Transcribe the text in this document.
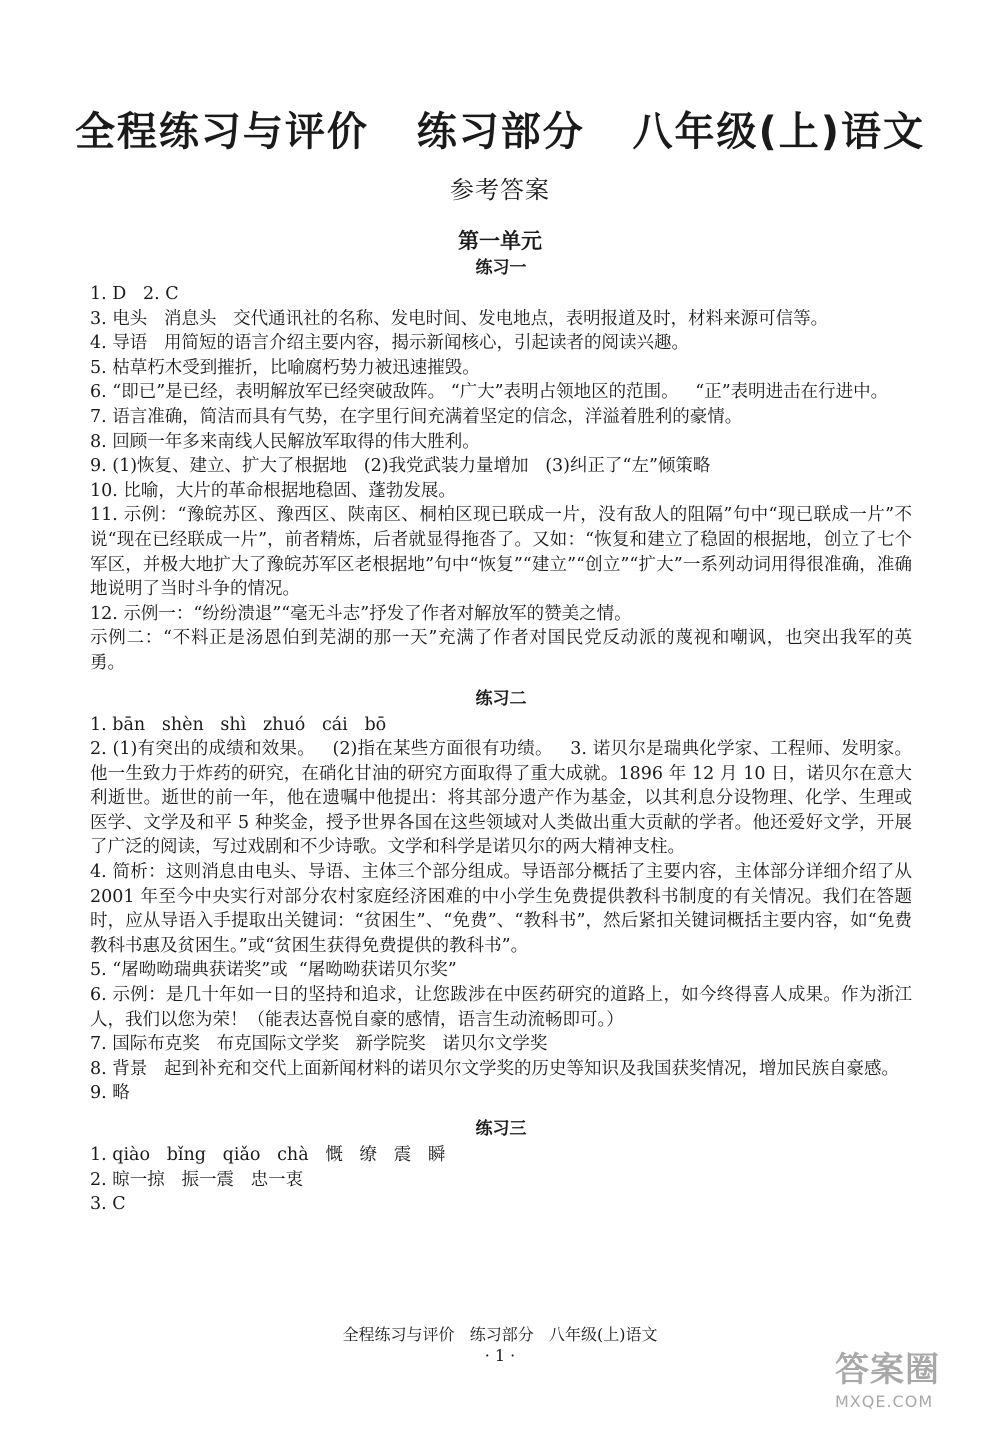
全程练习与评价   练习部分   八年级(上)语文
参考答案
第一单元
练习一
1. D   2. C
3. 电头   消息头   交代通讯社的名称、发电时间、发电地点，表明报道及时，材料来源可信等。
4. 导语   用简短的语言介绍主要内容，揭示新闻核心，引起读者的阅读兴趣。
5. 枯草朽木受到摧折，比喻腐朽势力被迅速摧毁。
6. “即已”是已经，表明解放军已经突破敌阵。 “广大”表明占领地区的范围。   “正”表明进击在行进中。
7. 语言准确，简洁而具有气势，在字里行间充满着坚定的信念，洋溢着胜利的豪情。
8. 回顾一年多来南线人民解放军取得的伟大胜利。
9. (1)恢复、建立、扩大了根据地   (2)我党武装力量增加   (3)纠正了“左”倾策略
10. 比喻，大片的革命根据地稳固、蓬勃发展。
11. 示例：“豫皖苏区、豫西区、陕南区、桐柏区现已联成一片，没有敌人的阻隔”句中“现已联成一片”不说“现在已经联成一片”，前者精炼，后者就显得拖沓了。又如：“恢复和建立了稳固的根据地，创立了七个军区，并极大地扩大了豫皖苏军区老根据地”句中“恢复”“建立”“创立”“扩大”一系列动词用得很准确，准确地说明了当时斗争的情况。
12. 示例一：“纷纷溃退”“毫无斗志”抒发了作者对解放军的赞美之情。
示例二：“不料正是汤恩伯到芜湖的那一天”充满了作者对国民党反动派的蔑视和嘲讽，也突出我军的英勇。
练习二
1. bān   shèn   shì   zhuó   cái   bō
2. (1)有突出的成绩和效果。   (2)指在某些方面很有功绩。   3. 诺贝尔是瑞典化学家、工程师、发明家。他一生致力于炸药的研究，在硝化甘油的研究方面取得了重大成就。1896 年 12 月 10 日，诺贝尔在意大利逝世。逝世的前一年，他在遗嘱中他提出：将其部分遗产作为基金，以其利息分设物理、化学、生理或医学、文学及和平 5 种奖金，授予世界各国在这些领域对人类做出重大贡献的学者。他还爱好文学，开展了广泛的阅读，写过戏剧和不少诗歌。文学和科学是诺贝尔的两大精神支柱。
4. 简析：这则消息由电头、导语、主体三个部分组成。导语部分概括了主要内容，主体部分详细介绍了从 2001 年至今中央实行对部分农村家庭经济困难的中小学生免费提供教科书制度的有关情况。我们在答题时，应从导语入手提取出关键词：“贫困生”、“免费”、“教科书”，然后紧扣关键词概括主要内容，如“免费教科书惠及贫困生。”或“贫困生获得免费提供的教科书”。
5. “屠呦呦瑞典获诺奖”或  “屠呦呦获诺贝尔奖”
6. 示例：是几十年如一日的坚持和追求，让您跋涉在中医药研究的道路上，如今终得喜人成果。作为浙江人，我们以您为荣！（能表达喜悦自豪的感情，语言生动流畅即可。）
7. 国际布克奖   布克国际文学奖   新学院奖   诺贝尔文学奖
8. 背景   起到补充和交代上面新闻材料的诺贝尔文学奖的历史等知识及我国获奖情况，增加民族自豪感。
9. 略
练习三
1. qiào   bǐng   qiǎo   chà   慨   缭   震   瞬
2. 晾一掠   振一震   忠一衷
3. C
全程练习与评价   练习部分   八年级(上)语文
· 1 ·	答案圈
MXQE.COM
